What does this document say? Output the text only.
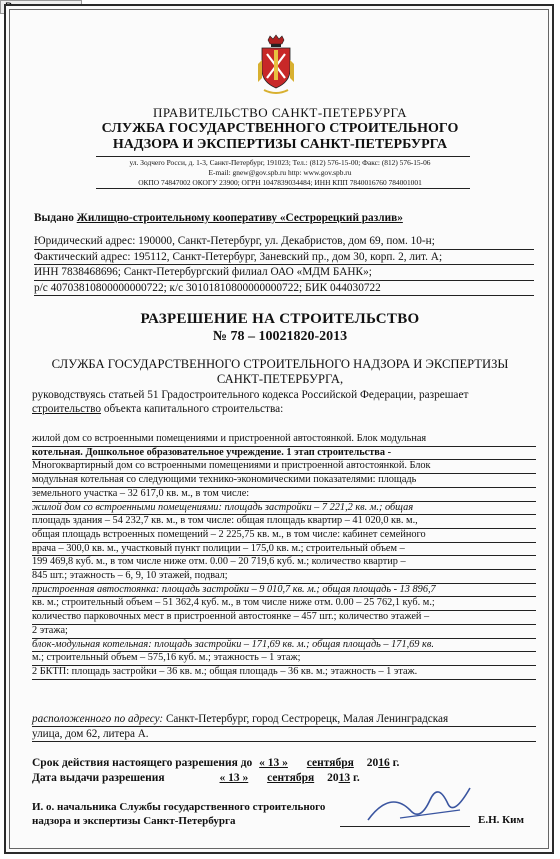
ПРАВИТЕЛЬСТВО САНКТ-ПЕТЕРБУРГА
СЛУЖБА ГОСУДАРСТВЕННОГО СТРОИТЕЛЬНОГО
НАДЗОРА И ЭКСПЕРТИЗЫ САНКТ-ПЕТЕРБУРГА
ул. Зодчего Росси, д. 1-3, Санкт-Петербург, 191023; Тел.: (812) 576-15-00; Факс: (812) 576-15-06
E-mail: gnew@gov.spb.ru http: www.gov.spb.ru
ОКПО 74847002 ОКОГУ 23900; ОГРН 1047839034484; ИНН КПП 7840016760 784001001
Выдано Жилищно-строительному кооперативу «Сестрорецкий разлив»
Юридический адрес: 190000, Санкт-Петербург, ул. Декабристов, дом 69, пом. 10-н;
Фактический адрес: 195112, Санкт-Петербург, Заневский пр., дом 30, корп. 2, лит. А;
ИНН 7838468696; Санкт-Петербургский филиал ОАО «МДМ БАНК»;
р/с 40703810800000000722; к/с 30101810800000000722; БИК 044030722
РАЗРЕШЕНИЕ НА СТРОИТЕЛЬСТВО
№ 78 – 10021820-2013
СЛУЖБА ГОСУДАРСТВЕННОГО СТРОИТЕЛЬНОГО НАДЗОРА И ЭКСПЕРТИЗЫ
САНКТ-ПЕТЕРБУРГА,
руководствуясь статьей 51 Градостроительного кодекса Российской Федерации, разрешает
строительство объекта капитального строительства:
жилой дом со встроенными помещениями и пристроенной автостоянкой. Блок модульная
котельная. Дошкольное образовательное учреждение. 1 этап строительства -
Многоквартирный дом со встроенными помещениями и пристроенной автостоянкой. Блок
модульная котельная со следующими технико-экономическими показателями: площадь
земельного участка – 32 617,0 кв. м., в том числе:
жилой дом со встроенными помещениями: площадь застройки – 7 221,2 кв. м.; общая
площадь здания – 54 232,7 кв. м., в том числе: общая площадь квартир – 41 020,0 кв. м.,
общая площадь встроенных помещений – 2 225,75 кв. м., в том числе: кабинет семейного
врача – 300,0 кв. м., участковый пункт полиции – 175,0 кв. м.; строительный объем –
199 469,8 куб. м., в том числе ниже отм. 0.00 – 20 719,6 куб. м.; количество квартир –
845 шт.; этажность – 6, 9, 10 этажей, подвал;
пристроенная автостоянка: площадь застройки – 9 010,7 кв. м.; общая площадь - 13 896,7
кв. м.; строительный объем – 51 362,4 куб. м., в том числе ниже отм. 0.00 – 25 762,1 куб. м.;
количество парковочных мест в пристроенной автостоянке – 457 шт.; количество этажей –
2 этажа;
блок-модульная котельная: площадь застройки – 171,69 кв. м.; общая площадь – 171,69 кв.
м.; строительный объем – 575,16 куб. м.; этажность – 1 этаж;
2 БКТП: площадь застройки – 36 кв. м.; общая площадь – 36 кв. м.; этажность – 1 этаж.
расположенного по адресу: Санкт-Петербург, город Сестрорецк, Малая Ленинградская
улица, дом 62, литера А.
Срок действия настоящего разрешения до « 13 » сентября 2016 г.
Дата выдачи разрешения	« 13 » сентября 2013 г.
И. о. начальника Службы государственного строительного
надзора и экспертизы Санкт-Петербурга	Е.Н. Ким
